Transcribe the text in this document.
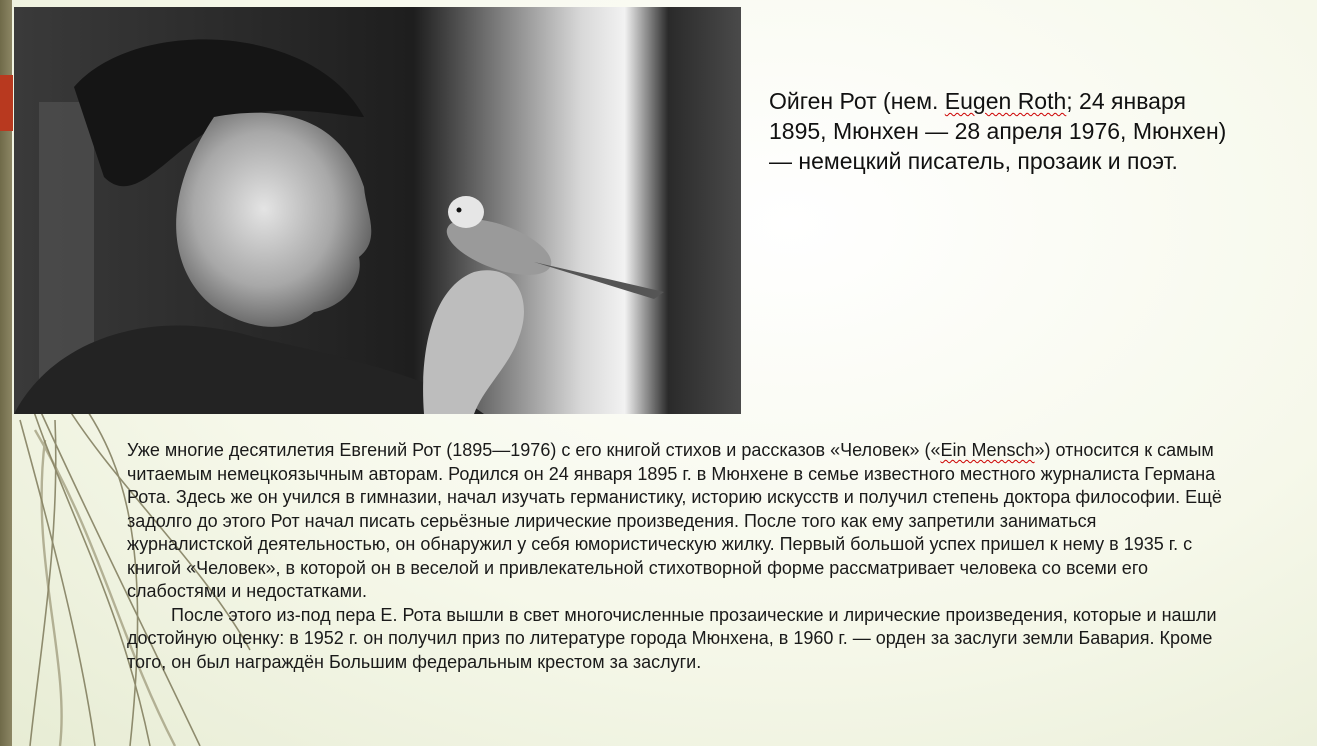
Ойген Рот (нем. Eugen Roth; 24 января 1895, Мюнхен — 28 апреля 1976, Мюнхен) — немецкий писатель, прозаик и поэт.

Уже многие десятилетия Евгений Рот (1895—1976) с его книгой стихов и рассказов «Человек» («Ein Mensch») относится к самым читаемым немецкоязычным авторам. Родился он 24 января 1895 г. в Мюнхене в семье известного местного журналиста Германа Рота. Здесь же он учился в гимназии, начал изучать германистику, историю искусств и получил степень доктора философии. Ещё задолго до этого Рот начал писать серьёзные лирические произведения. После того как ему запретили заниматься журналистской деятельностью, он обнаружил у себя юмористическую жилку. Первый большой успех пришел к нему в 1935 г. с книгой «Человек», в которой он в веселой и привлекательной стихотворной форме рассматривает человека со всеми его слабостями и недостатками.

После этого из-под пера Е. Рота вышли в свет многочисленные прозаические и лирические произведения, которые и нашли достойную оценку: в 1952 г. он получил приз по литературе города Мюнхена, в 1960 г. — орден за заслуги земли Бавария. Кроме того, он был награждён Большим федеральным крестом за заслуги.
